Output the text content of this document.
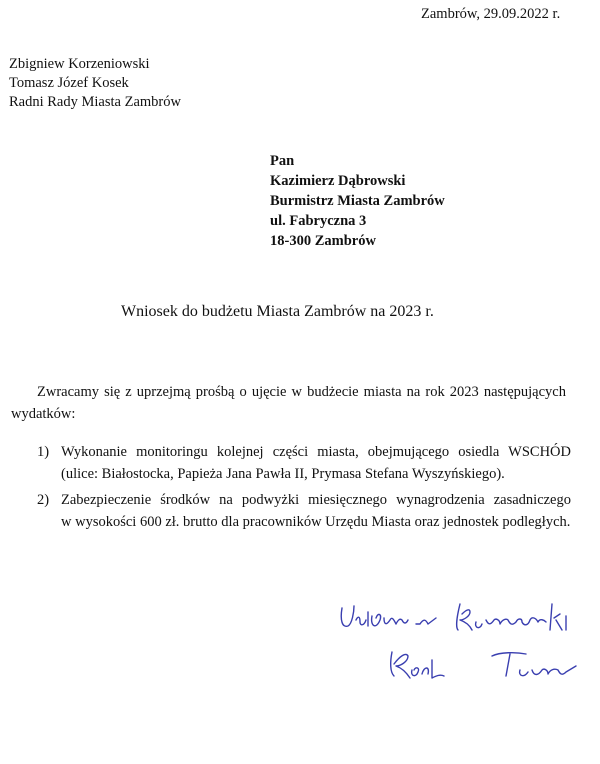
Zambrów, 29.09.2022 r.
Zbigniew Korzeniowski
Tomasz Józef Kosek
Radni Rady Miasta Zambrów
Pan
Kazimierz Dąbrowski
Burmistrz Miasta Zambrów
ul. Fabryczna 3
18-300 Zambrów
Wniosek do budżetu Miasta Zambrów na 2023 r.
Zwracamy się z uprzejmą prośbą o ujęcie w budżecie miasta na rok 2023 następujących
wydatków:
1) Wykonanie monitoringu kolejnej części miasta, obejmującego osiedla WSCHÓD
(ulice: Białostocka, Papieża Jana Pawła II, Prymasa Stefana Wyszyńskiego).
2) Zabezpieczenie środków na podwyżki miesięcznego wynagrodzenia zasadniczego
w wysokości 600 zł. brutto dla pracowników Urzędu Miasta oraz jednostek podległych.
